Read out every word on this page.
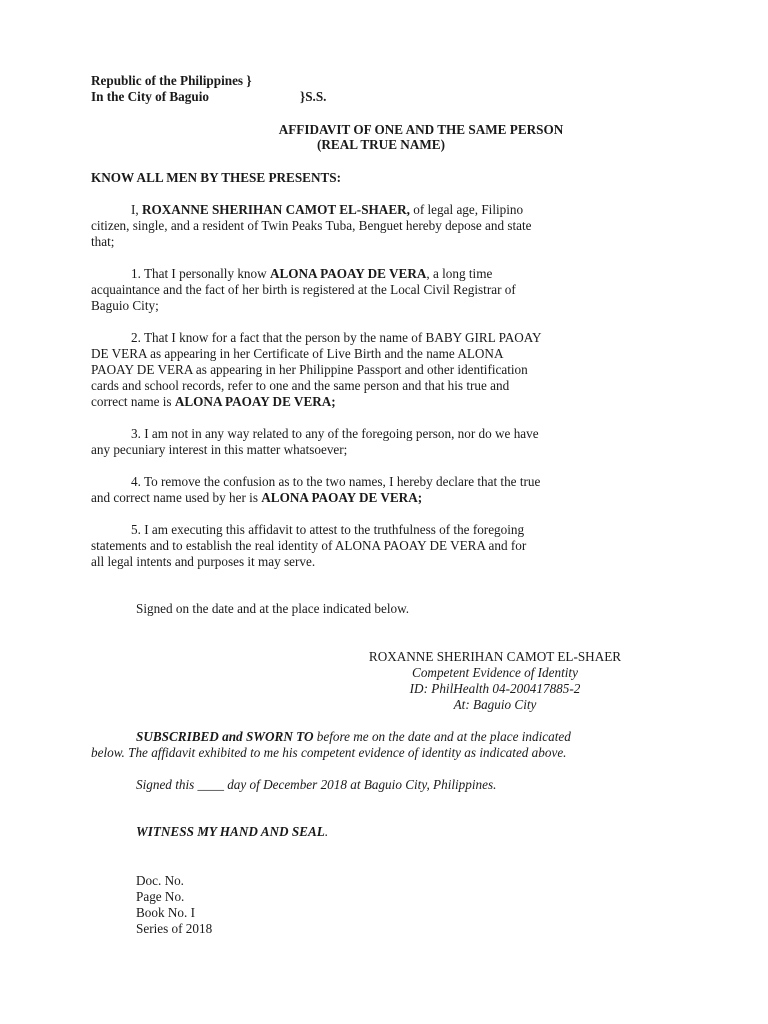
Republic of the Philippines }
In the City of Baguio	}S.S.
AFFIDAVIT OF ONE AND THE SAME PERSON
(REAL TRUE NAME)
KNOW ALL MEN BY THESE PRESENTS:
I, ROXANNE SHERIHAN CAMOT EL-SHAER, of legal age, Filipino
citizen, single, and a resident of Twin Peaks Tuba, Benguet hereby depose and state
that;
1. That I personally know ALONA PAOAY DE VERA, a long time
acquaintance and the fact of her birth is registered at the Local Civil Registrar of
Baguio City;
2. That I know for a fact that the person by the name of BABY GIRL PAOAY
DE VERA as appearing in her Certificate of Live Birth and the name ALONA
PAOAY DE VERA as appearing in her Philippine Passport and other identification
cards and school records, refer to one and the same person and that his true and
correct name is ALONA PAOAY DE VERA;
3. I am not in any way related to any of the foregoing person, nor do we have
any pecuniary interest in this matter whatsoever;
4. To remove the confusion as to the two names, I hereby declare that the true
and correct name used by her is ALONA PAOAY DE VERA;
5. I am executing this affidavit to attest to the truthfulness of the foregoing
statements and to establish the real identity of ALONA PAOAY DE VERA and for
all legal intents and purposes it may serve.
Signed on the date and at the place indicated below.
ROXANNE SHERIHAN CAMOT EL-SHAER
Competent Evidence of Identity
ID: PhilHealth 04-200417885-2
At: Baguio City
SUBSCRIBED and SWORN TO before me on the date and at the place indicated
below. The affidavit exhibited to me his competent evidence of identity as indicated above.
Signed this ____ day of December 2018 at Baguio City, Philippines.
WITNESS MY HAND AND SEAL.
Doc. No.
Page No.
Book No. I
Series of 2018
